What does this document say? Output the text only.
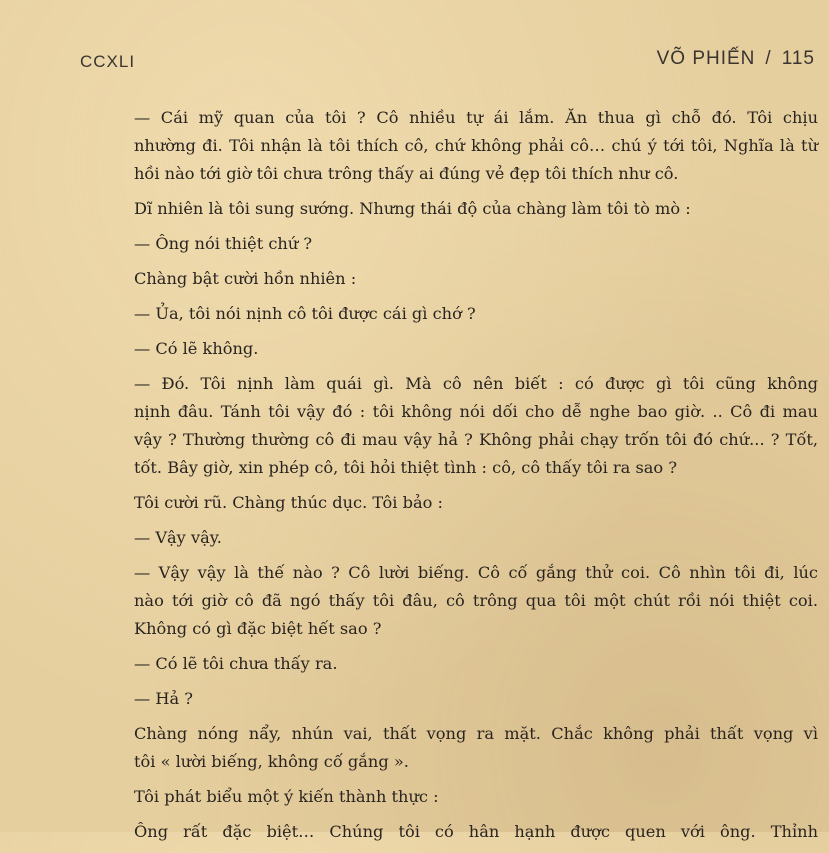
CCXLI	VÕ PHIẾN / 115
— Cái mỹ quan của tôi ? Cô nhiều tự ái lắm. Ăn thua gì chỗ đó. Tôi chịu
nhường đi. Tôi nhận là tôi thích cô, chứ không phải cô… chú ý tới tôi, Nghĩa là từ
hồi nào tới giờ tôi chưa trông thấy ai đúng vẻ đẹp tôi thích như cô.
Dĩ nhiên là tôi sung sướng. Nhưng thái độ của chàng làm tôi tò mò :
— Ông nói thiệt chứ ?
Chàng bật cười hồn nhiên :
— Ủa, tôi nói nịnh cô tôi được cái gì chớ ?
— Có lẽ không.
— Đó. Tôi nịnh làm quái gì. Mà cô nên biết : có được gì tôi cũng không
nịnh đâu. Tánh tôi vậy đó : tôi không nói dối cho dễ nghe bao giờ. .. Cô đi mau
vậy ? Thường thường cô đi mau vậy hả ? Không phải chạy trốn tôi đó chứ... ? Tốt,
tốt. Bây giờ, xin phép cô, tôi hỏi thiệt tình : cô, cô thấy tôi ra sao ?
Tôi cười rũ. Chàng thúc dục. Tôi bảo :
— Vậy vậy.
— Vậy vậy là thế nào ? Cô lười biếng. Cô cố gắng thử coi. Cô nhìn tôi đi, lúc
nào tới giờ cô đã ngó thấy tôi đâu, cô trông qua tôi một chút rồi nói thiệt coi.
Không có gì đặc biệt hết sao ?
— Có lẽ tôi chưa thấy ra.
— Hả ?
Chàng nóng nẩy, nhún vai, thất vọng ra mặt. Chắc không phải thất vọng vì
tôi « lười biếng, không cố gắng ».
Tôi phát biểu một ý kiến thành thực :
Ông rất đặc biệt… Chúng tôi có hân hạnh được quen với ông. Thỉnh
